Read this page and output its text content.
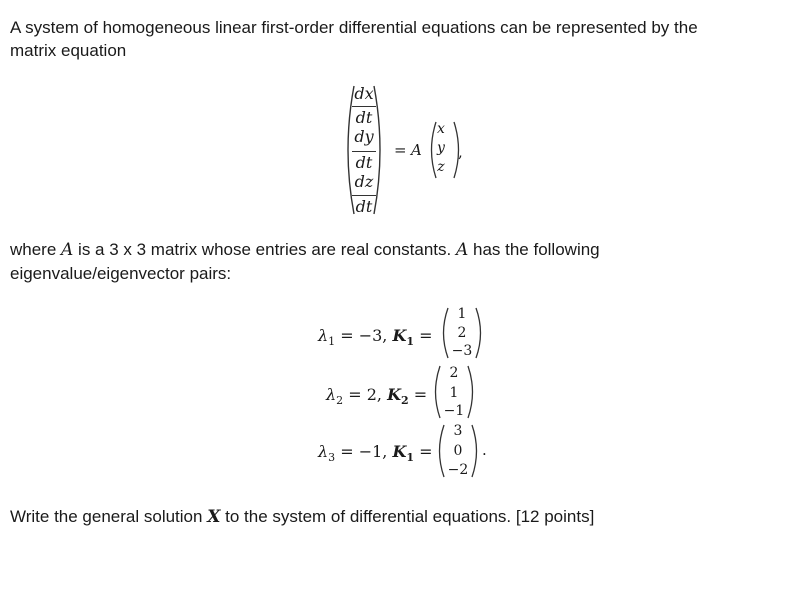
A system of homogeneous linear first-order differential equations can be represented by the
matrix equation
dx
dt
dy
dt
dz
dt
= A
x
y
z
,
where A is a 3 x 3 matrix whose entries are real constants. A has the following
eigenvalue/eigenvector pairs:
$\lambda_1 = -3$, $K_1$ =
1
2
−3
$\lambda_2 = 2$, $K_2$ =
2
1
−1
$\lambda_3 = -1$, $K_1$ =
3
0
−2
.
Write the general solution X to the system of differential equations. [12 points]
